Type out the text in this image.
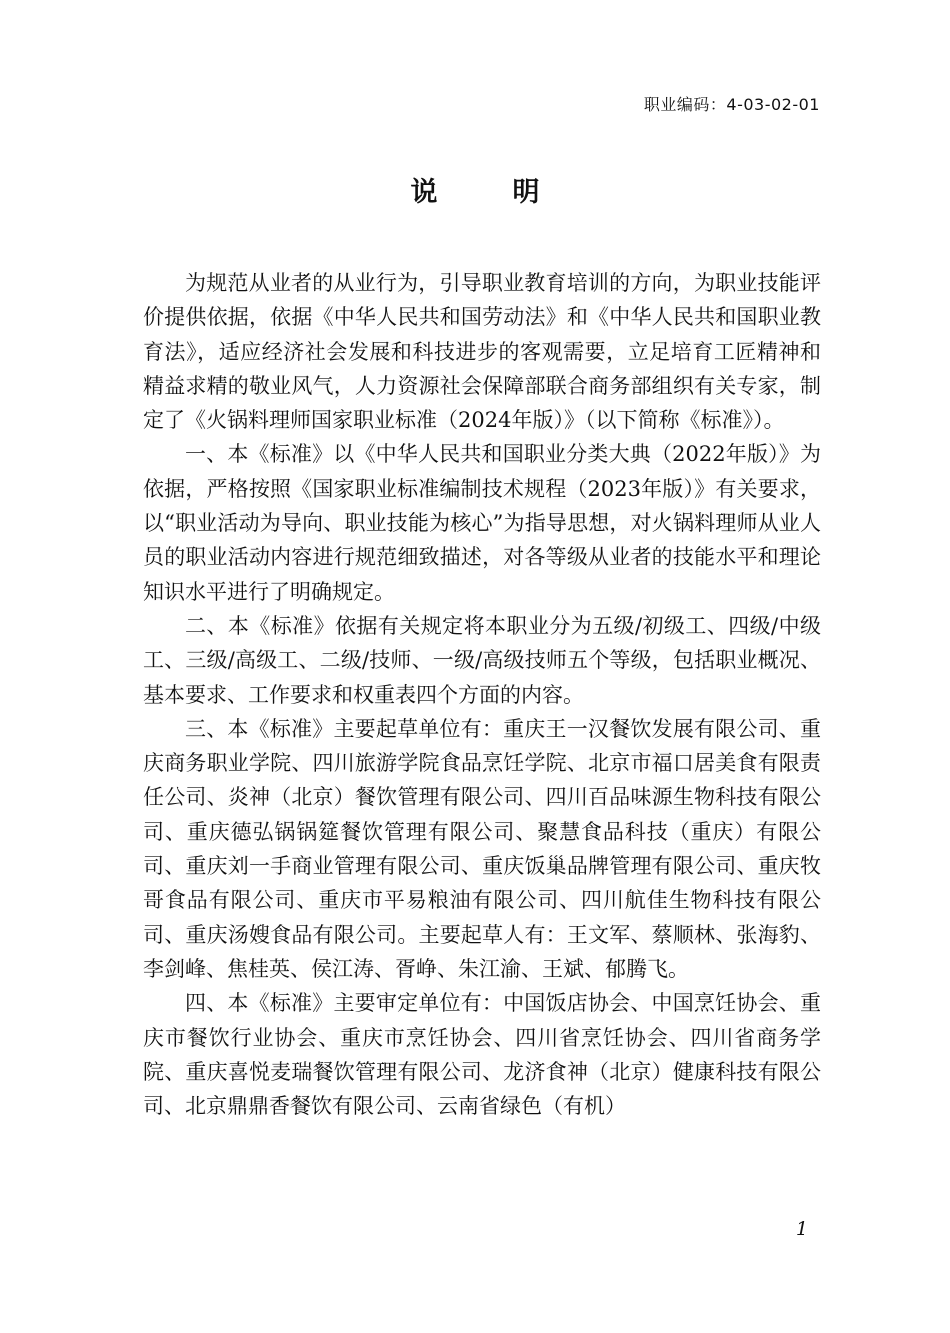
职业编码：4-03-02-01
说明

为规范从业者的从业行为，引导职业教育培训的方向，为职业技能评价提供依据，依据《中华人民共和国劳动法》和《中华人民共和国职业教育法》，适应经济社会发展和科技进步的客观需要，立足培育工匠精神和精益求精的敬业风气，人力资源社会保障部联合商务部组织有关专家，制定了《火锅料理师国家职业标准（2024年版）》（以下简称《标准》）。

一、本《标准》以《中华人民共和国职业分类大典（2022年版）》为依据，严格按照《国家职业标准编制技术规程（2023年版）》有关要求，以“职业活动为导向、职业技能为核心”为指导思想，对火锅料理师从业人员的职业活动内容进行规范细致描述，对各等级从业者的技能水平和理论知识水平进行了明确规定。

二、本《标准》依据有关规定将本职业分为五级/初级工、四级/中级工、三级/高级工、二级/技师、一级/高级技师五个等级，包括职业概况、基本要求、工作要求和权重表四个方面的内容。

三、本《标准》主要起草单位有：重庆王一汉餐饮发展有限公司、重庆商务职业学院、四川旅游学院食品烹饪学院、北京市福口居美食有限责任公司、炎神（北京）餐饮管理有限公司、四川百品味源生物科技有限公司、重庆德弘锅锅筵餐饮管理有限公司、聚慧食品科技（重庆）有限公司、重庆刘一手商业管理有限公司、重庆饭巢品牌管理有限公司、重庆牧哥食品有限公司、重庆市平易粮油有限公司、四川航佳生物科技有限公司、重庆汤嫂食品有限公司。主要起草人有：王文军、蔡顺林、张海豹、李剑峰、焦桂英、侯江涛、胥峥、朱江渝、王斌、郁腾飞。

四、本《标准》主要审定单位有：中国饭店协会、中国烹饪协会、重庆市餐饮行业协会、重庆市烹饪协会、四川省烹饪协会、四川省商务学院、重庆喜悦麦瑞餐饮管理有限公司、龙济食神（北京）健康科技有限公司、北京鼎鼎香餐饮有限公司、云南省绿色（有机）

1
